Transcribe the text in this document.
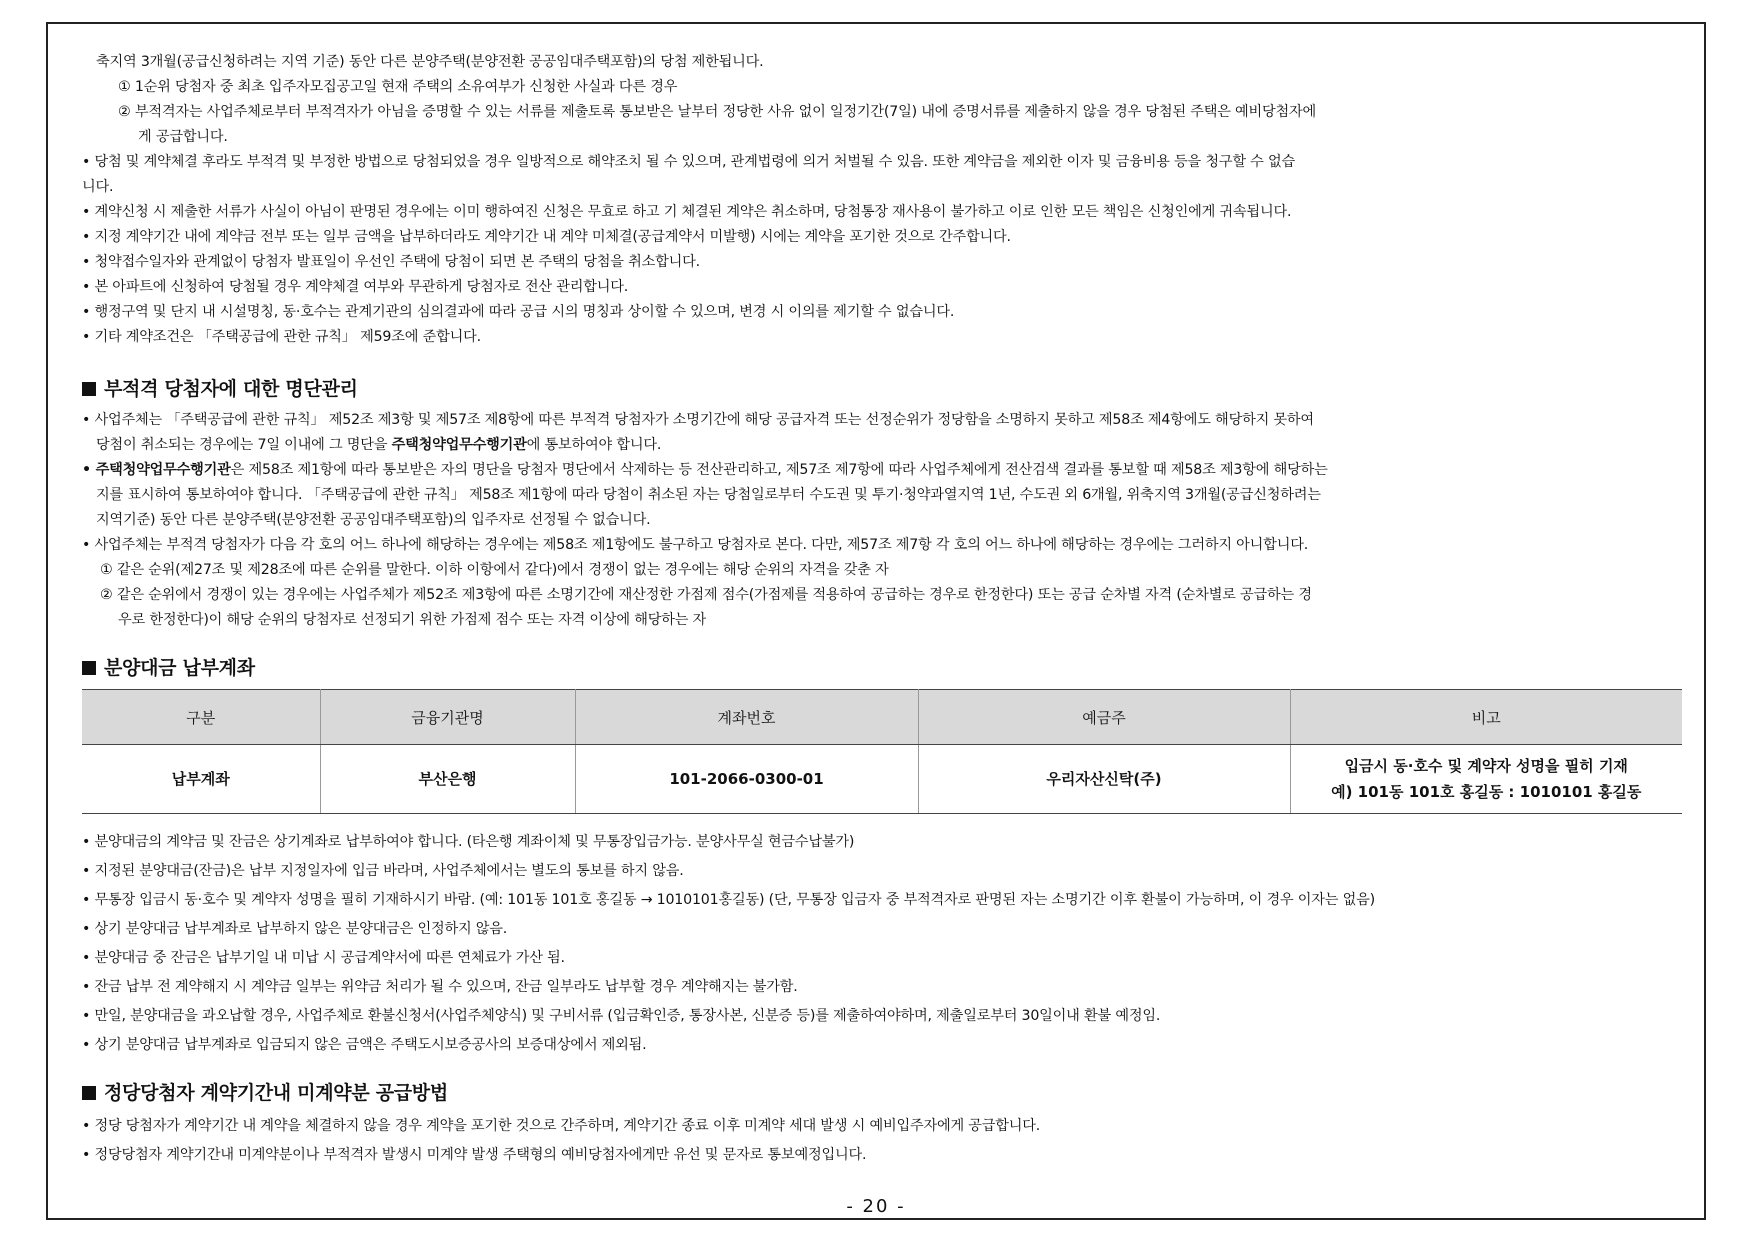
축지역 3개월(공급신청하려는 지역 기준) 동안 다른 분양주택(분양전환 공공임대주택포함)의 당첨 제한됩니다.
① 1순위 당첨자 중 최초 입주자모집공고일 현재 주택의 소유여부가 신청한 사실과 다른 경우
② 부적격자는 사업주체로부터 부적격자가 아님을 증명할 수 있는 서류를 제출토록 통보받은 날부터 정당한 사유 없이 일정기간(7일) 내에 증명서류를 제출하지 않을 경우 당첨된 주택은 예비당첨자에
게 공급합니다.
• 당첨 및 계약체결 후라도 부적격 및 부정한 방법으로 당첨되었을 경우 일방적으로 해약조치 될 수 있으며, 관계법령에 의거 처벌될 수 있음. 또한 계약금을 제외한 이자 및 금융비용 등을 청구할 수 없습
니다.
• 계약신청 시 제출한 서류가 사실이 아님이 판명된 경우에는 이미 행하여진 신청은 무효로 하고 기 체결된 계약은 취소하며, 당첨통장 재사용이 불가하고 이로 인한 모든 책임은 신청인에게 귀속됩니다.
• 지정 계약기간 내에 계약금 전부 또는 일부 금액을 납부하더라도 계약기간 내 계약 미체결(공급계약서 미발행) 시에는 계약을 포기한 것으로 간주합니다.
• 청약접수일자와 관계없이 당첨자 발표일이 우선인 주택에 당첨이 되면 본 주택의 당첨을 취소합니다.
• 본 아파트에 신청하여 당첨될 경우 계약체결 여부와 무관하게 당첨자로 전산 관리합니다.
• 행정구역 및 단지 내 시설명칭, 동·호수는 관계기관의 심의결과에 따라 공급 시의 명칭과 상이할 수 있으며, 변경 시 이의를 제기할 수 없습니다.
• 기타 계약조건은 「주택공급에 관한 규칙」 제59조에 준합니다.
부적격 당첨자에 대한 명단관리
• 사업주체는 「주택공급에 관한 규칙」 제52조 제3항 및 제57조 제8항에 따른 부적격 당첨자가 소명기간에 해당 공급자격 또는 선정순위가 정당함을 소명하지 못하고 제58조 제4항에도 해당하지 못하여
당첨이 취소되는 경우에는 7일 이내에 그 명단을 주택청약업무수행기관에 통보하여야 합니다.
• 주택청약업무수행기관은 제58조 제1항에 따라 통보받은 자의 명단을 당첨자 명단에서 삭제하는 등 전산관리하고, 제57조 제7항에 따라 사업주체에게 전산검색 결과를 통보할 때 제58조 제3항에 해당하는
지를 표시하여 통보하여야 합니다. 「주택공급에 관한 규칙」 제58조 제1항에 따라 당첨이 취소된 자는 당첨일로부터 수도권 및 투기·청약과열지역 1년, 수도권 외 6개월, 위축지역 3개월(공급신청하려는
지역기준) 동안 다른 분양주택(분양전환 공공임대주택포함)의 입주자로 선정될 수 없습니다.
• 사업주체는 부적격 당첨자가 다음 각 호의 어느 하나에 해당하는 경우에는 제58조 제1항에도 불구하고 당첨자로 본다. 다만, 제57조 제7항 각 호의 어느 하나에 해당하는 경우에는 그러하지 아니합니다.
① 같은 순위(제27조 및 제28조에 따른 순위를 말한다. 이하 이항에서 같다)에서 경쟁이 없는 경우에는 해당 순위의 자격을 갖춘 자
② 같은 순위에서 경쟁이 있는 경우에는 사업주체가 제52조 제3항에 따른 소명기간에 재산정한 가점제 점수(가점제를 적용하여 공급하는 경우로 한정한다) 또는 공급 순차별 자격 (순차별로 공급하는 경
우로 한정한다)이 해당 순위의 당첨자로 선정되기 위한 가점제 점수 또는 자격 이상에 해당하는 자
분양대금 납부계좌
구분	금융기관명	계좌번호	예금주	비고
납부계좌	부산은행	101-2066-0300-01	우리자산신탁(주)	입금시 동·호수 및 계약자 성명을 필히 기재
예) 101동 101호 홍길동 : 1010101 홍길동
• 분양대금의 계약금 및 잔금은 상기계좌로 납부하여야 합니다. (타은행 계좌이체 및 무통장입금가능. 분양사무실 현금수납불가)
• 지정된 분양대금(잔금)은 납부 지정일자에 입금 바라며, 사업주체에서는 별도의 통보를 하지 않음.
• 무통장 입금시 동·호수 및 계약자 성명을 필히 기재하시기 바람. (예: 101동 101호 홍길동 → 1010101홍길동) (단, 무통장 입금자 중 부적격자로 판명된 자는 소명기간 이후 환불이 가능하며, 이 경우 이자는 없음)
• 상기 분양대금 납부계좌로 납부하지 않은 분양대금은 인정하지 않음.
• 분양대금 중 잔금은 납부기일 내 미납 시 공급계약서에 따른 연체료가 가산 됨.
• 잔금 납부 전 계약해지 시 계약금 일부는 위약금 처리가 될 수 있으며, 잔금 일부라도 납부할 경우 계약해지는 불가함.
• 만일, 분양대금을 과오납할 경우, 사업주체로 환불신청서(사업주체양식) 및 구비서류 (입금확인증, 통장사본, 신분증 등)를 제출하여야하며, 제출일로부터 30일이내 환불 예정임.
• 상기 분양대금 납부계좌로 입금되지 않은 금액은 주택도시보증공사의 보증대상에서 제외됨.
정당당첨자 계약기간내 미계약분 공급방법
• 정당 당첨자가 계약기간 내 계약을 체결하지 않을 경우 계약을 포기한 것으로 간주하며, 계약기간 종료 이후 미계약 세대 발생 시 예비입주자에게 공급합니다.
• 정당당첨자 계약기간내 미계약분이나 부적격자 발생시 미계약 발생 주택형의 예비당첨자에게만 유선 및 문자로 통보예정입니다.
- 20 -
